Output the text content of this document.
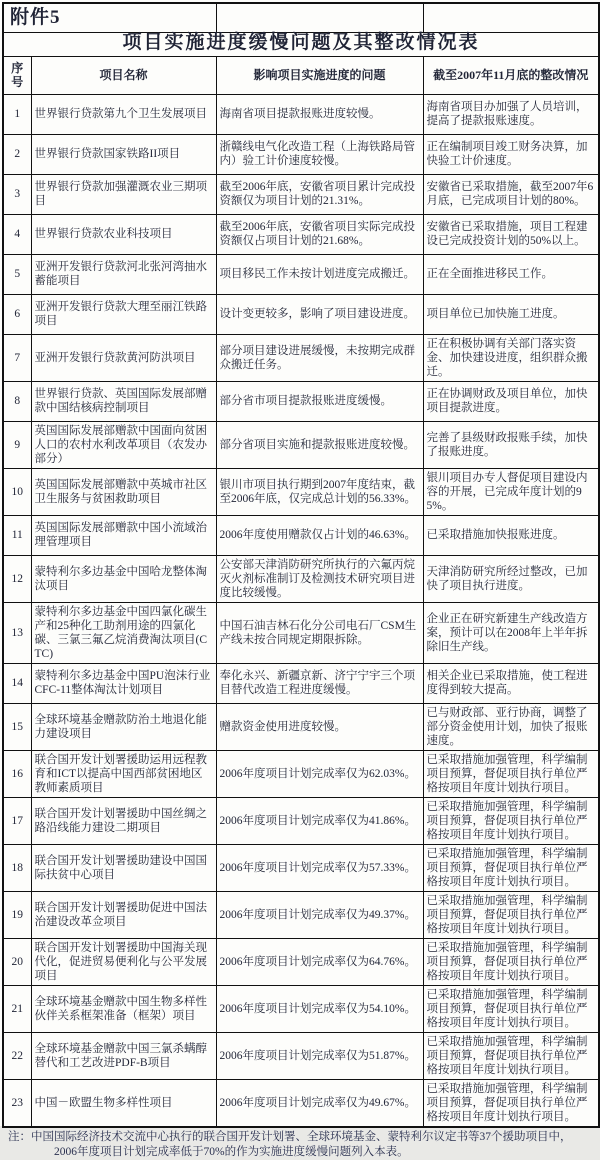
附件5			
项目实施进度缓慢问题及其整改情况表			
序号	项目名称	影响项目实施进度的问题	截至2007年11月底的整改情况
1	世界银行贷款第九个卫生发展项目	海南省项目提款报账进度较慢。	海南省项目办加强了人员培训，提高了提款报账速度。
2	世界银行贷款国家铁路II项目	浙赣线电气化改造工程（上海铁路局管内）验工计价速度较慢。	正在编制项目竣工财务决算，加快验工计价速度。
3	世界银行贷款加强灌溉农业三期项目	截至2006年底，安徽省项目累计完成投资额仅为项目计划的21.31%。	安徽省已采取措施，截至2007年6月底，已完成项目计划的80%。
4	世界银行贷款农业科技项目	截至2006年底，安徽省项目实际完成投资额仅占项目计划的21.68%。	安徽省已采取措施，项目工程建设已完成投资计划的50%以上。
5	亚洲开发银行贷款河北张河湾抽水蓄能项目	项目移民工作未按计划进度完成搬迁。	正在全面推进移民工作。
6	亚洲开发银行贷款大理至丽江铁路项目	设计变更较多，影响了项目建设进度。	项目单位已加快施工进度。
7	亚洲开发银行贷款黄河防洪项目	部分项目建设进展缓慢，未按期完成群众搬迁任务。	正在积极协调有关部门落实资金、加快建设进度，组织群众搬迁。
8	世界银行贷款、英国国际发展部赠款中国结核病控制项目	部分省市项目提款报账进度缓慢。	正在协调财政及项目单位，加快项目提款进度。
9	英国国际发展部赠款中国面向贫困人口的农村水利改革项目（农发办部分）	部分省项目实施和提款报账进度较慢。	完善了县级财政报账手续，加快了报账进度。
10	英国国际发展部赠款中英城市社区卫生服务与贫困救助项目	银川市项目执行期到2007年度结束，截至2006年底，仅完成总计划的56.33%。	银川项目办专人督促项目建设内容的开展，已完成年度计划的95%。
11	英国国际发展部赠款中国小流域治理管理项目	2006年度使用赠款仅占计划的46.63%。	已采取措施加快报账进度。
12	蒙特利尔多边基金中国哈龙整体淘汰项目	公安部天津消防研究所执行的六氟丙烷灭火剂标准制订及检测技术研究项目进度比较缓慢。	天津消防研究所经过整改，已加快了项目执行进度。
13	蒙特利尔多边基金中国四氯化碳生产和25种化工助剂用途的四氯化碳、三氯三氟乙烷消费淘汰项目(CTC)	中国石油吉林石化分公司电石厂CSM生产线未按合同规定期限拆除。	企业正在研究新建生产线改造方案，预计可以在2008年上半年拆除旧生产线。
14	蒙特利尔多边基金中国PU泡沫行业CFC-11整体淘汰计划项目	奉化永兴、新疆京新、济宁宁宇三个项目替代改造工程进度缓慢。	相关企业已采取措施，使工程进度得到较大提高。
15	全球环境基金赠款防治土地退化能力建设项目	赠款资金使用进度较慢。	已与财政部、亚行协商，调整了部分资金使用计划，加快了报账速度。
16	联合国开发计划署援助运用远程教育和ICT以提高中国西部贫困地区教师素质项目	2006年度项目计划完成率仅为62.03%。	已采取措施加强管理，科学编制项目预算，督促项目执行单位严格按项目年度计划执行项目。
17	联合国开发计划署援助中国丝绸之路沿线能力建设二期项目	2006年度项目计划完成率仅为41.86%。	已采取措施加强管理，科学编制项目预算，督促项目执行单位严格按项目年度计划执行项目。
18	联合国开发计划署援助建设中国国际扶贫中心项目	2006年度项目计划完成率仅为57.33%。	已采取措施加强管理，科学编制项目预算，督促项目执行单位严格按项目年度计划执行项目。
19	联合国开发计划署援助促进中国法治建设改革佥项目	2006年度项目计划完成率仅为49.37%。	已采取措施加强管理，科学编制项目预算，督促项目执行单位严格按项目年度计划执行项目。
20	联合国开发计划署援助中国海关现代化，促进贸易便利化与公平发展项目	2006年度项目计划完成率仅为64.76%。	已采取措施加强管理，科学编制项目预算，督促项目执行单位严格按项目年度计划执行项目。
21	全球环境基金赠款中国生物多样性伙伴关系框架准备（框架）项目	2006年度项目计划完成率仅为54.10%。	已采取措施加强管理，科学编制项目预算，督促项目执行单位严格按项目年度计划执行项目。
22	全球环境基金赠款中国三氯杀螨醇替代和工艺改进PDF-B项目	2006年度项目计划完成率仅为51.87%。	已采取措施加强管理，科学编制项目预算，督促项目执行单位严格按项目年度计划执行项目。
23	中国－欧盟生物多样性项目	2006年度项目计划完成率仅为49.67%。	已采取措施加强管理，科学编制项目预算，督促项目执行单位严格按项目年度计划执行项目。
注：中国国际经济技术交流中心执行的联合国开发计划署、全球环境基金、蒙特利尔议定书等37个援助项目中，
2006年度项目计划完成率低于70%的作为实施进度缓慢问题列入本表。
